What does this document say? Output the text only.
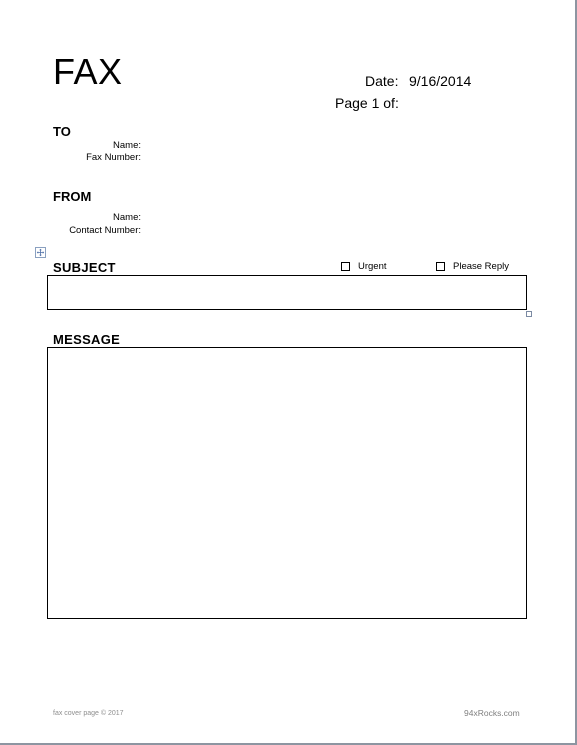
FAX	Date: 9/16/2014
Page 1 of:
TO
Name:
Fax Number:
FROM
Name:
Contact Number:
SUBJECT	Urgent	Please Reply
MESSAGE
fax cover page © 2017	94xRocks.com
